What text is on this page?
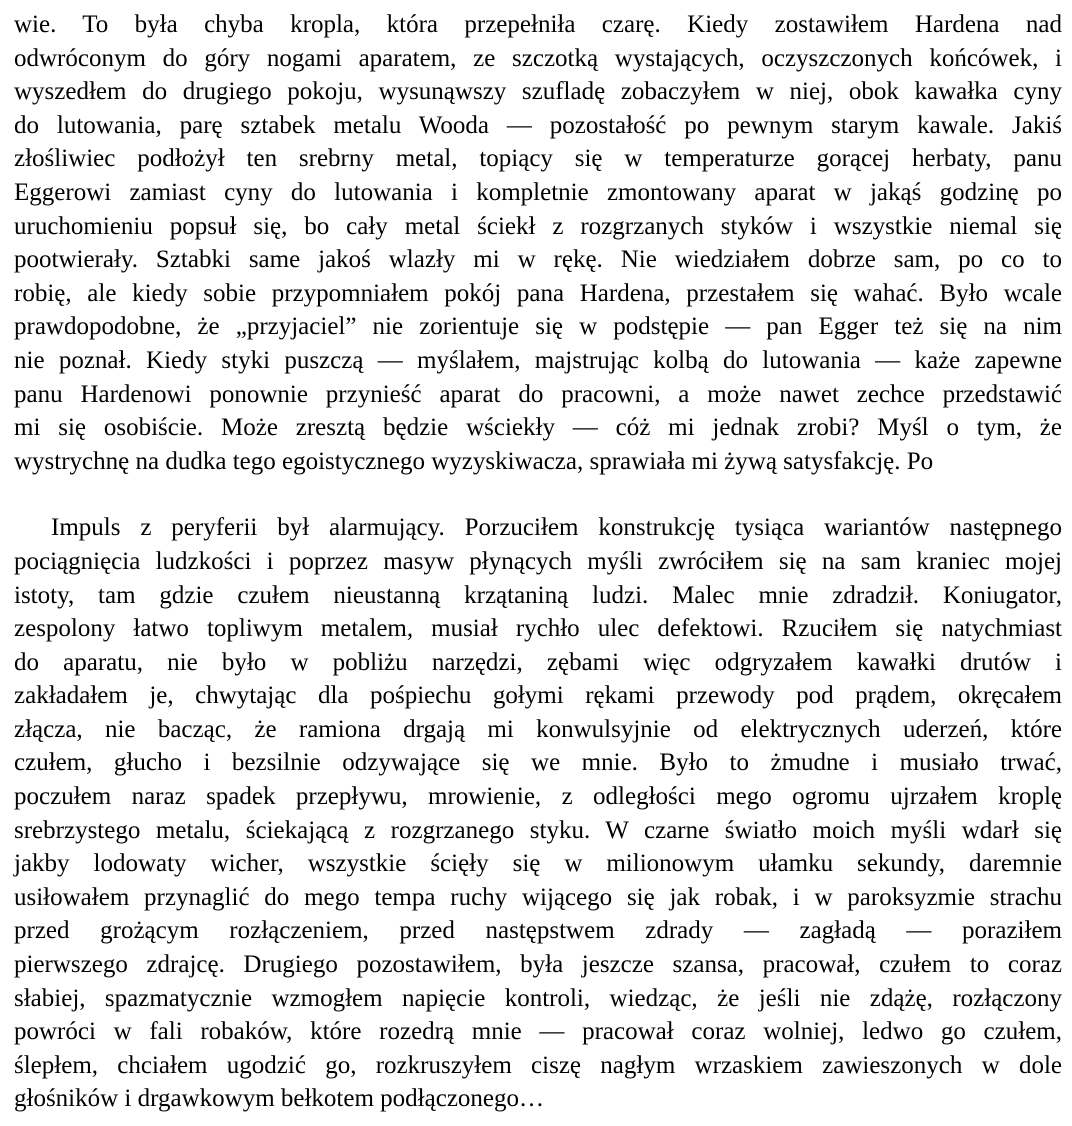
wie. To była chyba kropla, która przepełniła czarę. Kiedy zostawiłem Hardena nad
odwróconym do góry nogami aparatem, ze szczotką wystających, oczyszczonych końcówek, i
wyszedłem do drugiego pokoju, wysunąwszy szufladę zobaczyłem w niej, obok kawałka cyny
do lutowania, parę sztabek metalu Wooda — pozostałość po pewnym starym kawale. Jakiś
złośliwiec podłożył ten srebrny metal, topiący się w temperaturze gorącej herbaty, panu
Eggerowi zamiast cyny do lutowania i kompletnie zmontowany aparat w jakąś godzinę po
uruchomieniu popsuł się, bo cały metal ściekł z rozgrzanych styków i wszystkie niemal się
pootwierały. Sztabki same jakoś wlazły mi w rękę. Nie wiedziałem dobrze sam, po co to
robię, ale kiedy sobie przypomniałem pokój pana Hardena, przestałem się wahać. Było wcale
prawdopodobne, że „przyjaciel” nie zorientuje się w podstępie — pan Egger też się na nim
nie poznał. Kiedy styki puszczą — myślałem, majstrując kolbą do lutowania — każe zapewne
panu Hardenowi ponownie przynieść aparat do pracowni, a może nawet zechce przedstawić
mi się osobiście. Może zresztą będzie wściekły — cóż mi jednak zrobi? Myśl o tym, że
wystrychnę na dudka tego egoistycznego wyzyskiwacza, sprawiała mi żywą satysfakcję. Po
Impuls z peryferii był alarmujący. Porzuciłem konstrukcję tysiąca wariantów następnego
pociągnięcia ludzkości i poprzez masyw płynących myśli zwróciłem się na sam kraniec mojej
istoty, tam gdzie czułem nieustanną krzątaniną ludzi. Malec mnie zdradził. Koniugator,
zespolony łatwo topliwym metalem, musiał rychło ulec defektowi. Rzuciłem się natychmiast
do aparatu, nie było w pobliżu narzędzi, zębami więc odgryzałem kawałki drutów i
zakładałem je, chwytając dla pośpiechu gołymi rękami przewody pod prądem, okręcałem
złącza, nie bacząc, że ramiona drgają mi konwulsyjnie od elektrycznych uderzeń, które
czułem, głucho i bezsilnie odzywające się we mnie. Było to żmudne i musiało trwać,
poczułem naraz spadek przepływu, mrowienie, z odległości mego ogromu ujrzałem kroplę
srebrzystego metalu, ściekającą z rozgrzanego styku. W czarne światło moich myśli wdarł się
jakby lodowaty wicher, wszystkie ścięły się w milionowym ułamku sekundy, daremnie
usiłowałem przynaglić do mego tempa ruchy wijącego się jak robak, i w paroksyzmie strachu
przed grożącym rozłączeniem, przed następstwem zdrady — zagładą — poraziłem
pierwszego zdrajcę. Drugiego pozostawiłem, była jeszcze szansa, pracował, czułem to coraz
słabiej, spazmatycznie wzmogłem napięcie kontroli, wiedząc, że jeśli nie zdążę, rozłączony
powróci w fali robaków, które rozedrą mnie — pracował coraz wolniej, ledwo go czułem,
ślepłem, chciałem ugodzić go, rozkruszyłem ciszę nagłym wrzaskiem zawieszonych w dole
głośników i drgawkowym bełkotem podłączonego…
